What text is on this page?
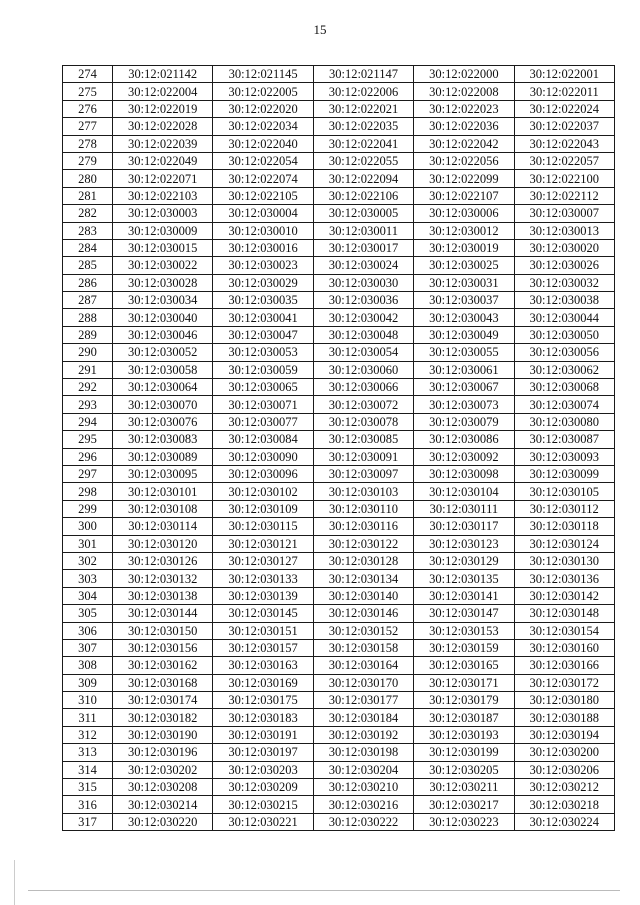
15
274	30:12:021142	30:12:021145	30:12:021147	30:12:022000	30:12:022001
275	30:12:022004	30:12:022005	30:12:022006	30:12:022008	30:12:022011
276	30:12:022019	30:12:022020	30:12:022021	30:12:022023	30:12:022024
277	30:12:022028	30:12:022034	30:12:022035	30:12:022036	30:12:022037
278	30:12:022039	30:12:022040	30:12:022041	30:12:022042	30:12:022043
279	30:12:022049	30:12:022054	30:12:022055	30:12:022056	30:12:022057
280	30:12:022071	30:12:022074	30:12:022094	30:12:022099	30:12:022100
281	30:12:022103	30:12:022105	30:12:022106	30:12:022107	30:12:022112
282	30:12:030003	30:12:030004	30:12:030005	30:12:030006	30:12:030007
283	30:12:030009	30:12:030010	30:12:030011	30:12:030012	30:12:030013
284	30:12:030015	30:12:030016	30:12:030017	30:12:030019	30:12:030020
285	30:12:030022	30:12:030023	30:12:030024	30:12:030025	30:12:030026
286	30:12:030028	30:12:030029	30:12:030030	30:12:030031	30:12:030032
287	30:12:030034	30:12:030035	30:12:030036	30:12:030037	30:12:030038
288	30:12:030040	30:12:030041	30:12:030042	30:12:030043	30:12:030044
289	30:12:030046	30:12:030047	30:12:030048	30:12:030049	30:12:030050
290	30:12:030052	30:12:030053	30:12:030054	30:12:030055	30:12:030056
291	30:12:030058	30:12:030059	30:12:030060	30:12:030061	30:12:030062
292	30:12:030064	30:12:030065	30:12:030066	30:12:030067	30:12:030068
293	30:12:030070	30:12:030071	30:12:030072	30:12:030073	30:12:030074
294	30:12:030076	30:12:030077	30:12:030078	30:12:030079	30:12:030080
295	30:12:030083	30:12:030084	30:12:030085	30:12:030086	30:12:030087
296	30:12:030089	30:12:030090	30:12:030091	30:12:030092	30:12:030093
297	30:12:030095	30:12:030096	30:12:030097	30:12:030098	30:12:030099
298	30:12:030101	30:12:030102	30:12:030103	30:12:030104	30:12:030105
299	30:12:030108	30:12:030109	30:12:030110	30:12:030111	30:12:030112
300	30:12:030114	30:12:030115	30:12:030116	30:12:030117	30:12:030118
301	30:12:030120	30:12:030121	30:12:030122	30:12:030123	30:12:030124
302	30:12:030126	30:12:030127	30:12:030128	30:12:030129	30:12:030130
303	30:12:030132	30:12:030133	30:12:030134	30:12:030135	30:12:030136
304	30:12:030138	30:12:030139	30:12:030140	30:12:030141	30:12:030142
305	30:12:030144	30:12:030145	30:12:030146	30:12:030147	30:12:030148
306	30:12:030150	30:12:030151	30:12:030152	30:12:030153	30:12:030154
307	30:12:030156	30:12:030157	30:12:030158	30:12:030159	30:12:030160
308	30:12:030162	30:12:030163	30:12:030164	30:12:030165	30:12:030166
309	30:12:030168	30:12:030169	30:12:030170	30:12:030171	30:12:030172
310	30:12:030174	30:12:030175	30:12:030177	30:12:030179	30:12:030180
311	30:12:030182	30:12:030183	30:12:030184	30:12:030187	30:12:030188
312	30:12:030190	30:12:030191	30:12:030192	30:12:030193	30:12:030194
313	30:12:030196	30:12:030197	30:12:030198	30:12:030199	30:12:030200
314	30:12:030202	30:12:030203	30:12:030204	30:12:030205	30:12:030206
315	30:12:030208	30:12:030209	30:12:030210	30:12:030211	30:12:030212
316	30:12:030214	30:12:030215	30:12:030216	30:12:030217	30:12:030218
317	30:12:030220	30:12:030221	30:12:030222	30:12:030223	30:12:030224
